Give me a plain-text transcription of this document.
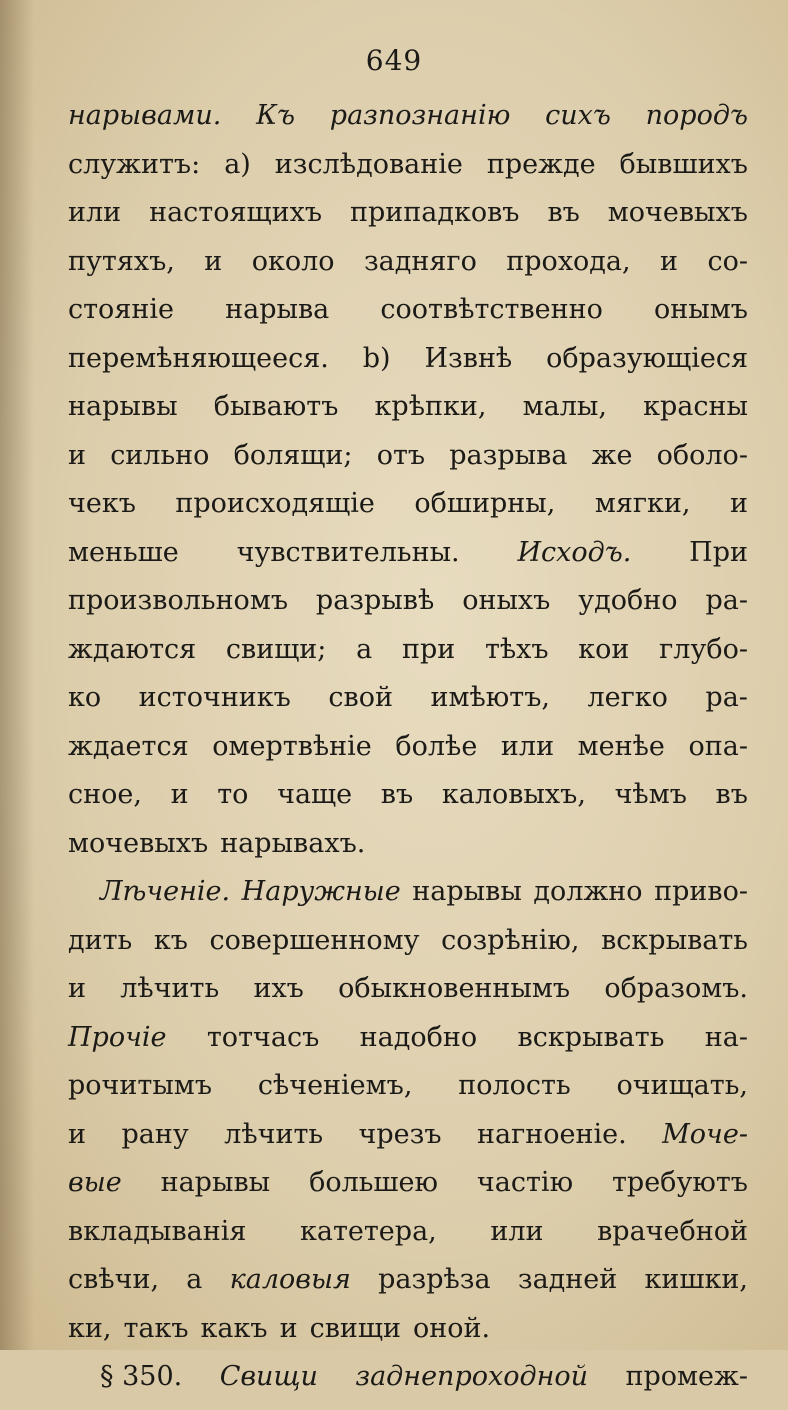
649
нарывами. Къ разпознанію сихъ породъ
служитъ: a) изслѣдованіе прежде бывшихъ
или настоящихъ припадковъ въ мочевыхъ
путяхъ, и около задняго прохода, и со-
стояніе нарыва соотвѣтственно онымъ
перемѣняющееся. b) Извнѣ образующіеся
нарывы бываютъ крѣпки, малы, красны
и сильно болящи; отъ разрыва же оболо-
чекъ происходящіе обширны, мягки, и
меньше чувствительны. Исходъ. При
произвольномъ разрывѣ оныхъ удобно ра-
ждаются свищи; а при тѣхъ кои глубо-
ко источникъ свой имѣютъ, легко ра-
ждается омертвѣніе болѣе или менѣе опа-
сное, и то чаще въ каловыхъ, чѣмъ въ
мочевыхъ нарывахъ.
Лѣченіе. Наружные нарывы должно приво-
дить къ совершенному созрѣнію, вскрывать
и лѣчить ихъ обыкновеннымъ образомъ.
Прочіе тотчасъ надобно вскрывать на-
рочитымъ сѣченіемъ, полость очищать,
и рану лѣчить чрезъ нагноеніе. Моче-
вые нарывы большею частію требуютъ
вкладыванія катетера, или врачебной
свѣчи, а каловыя разрѣза задней кишки,
ки, такъ какъ и свищи оной.
§ 350. Свищи заднепроходной промеж-
